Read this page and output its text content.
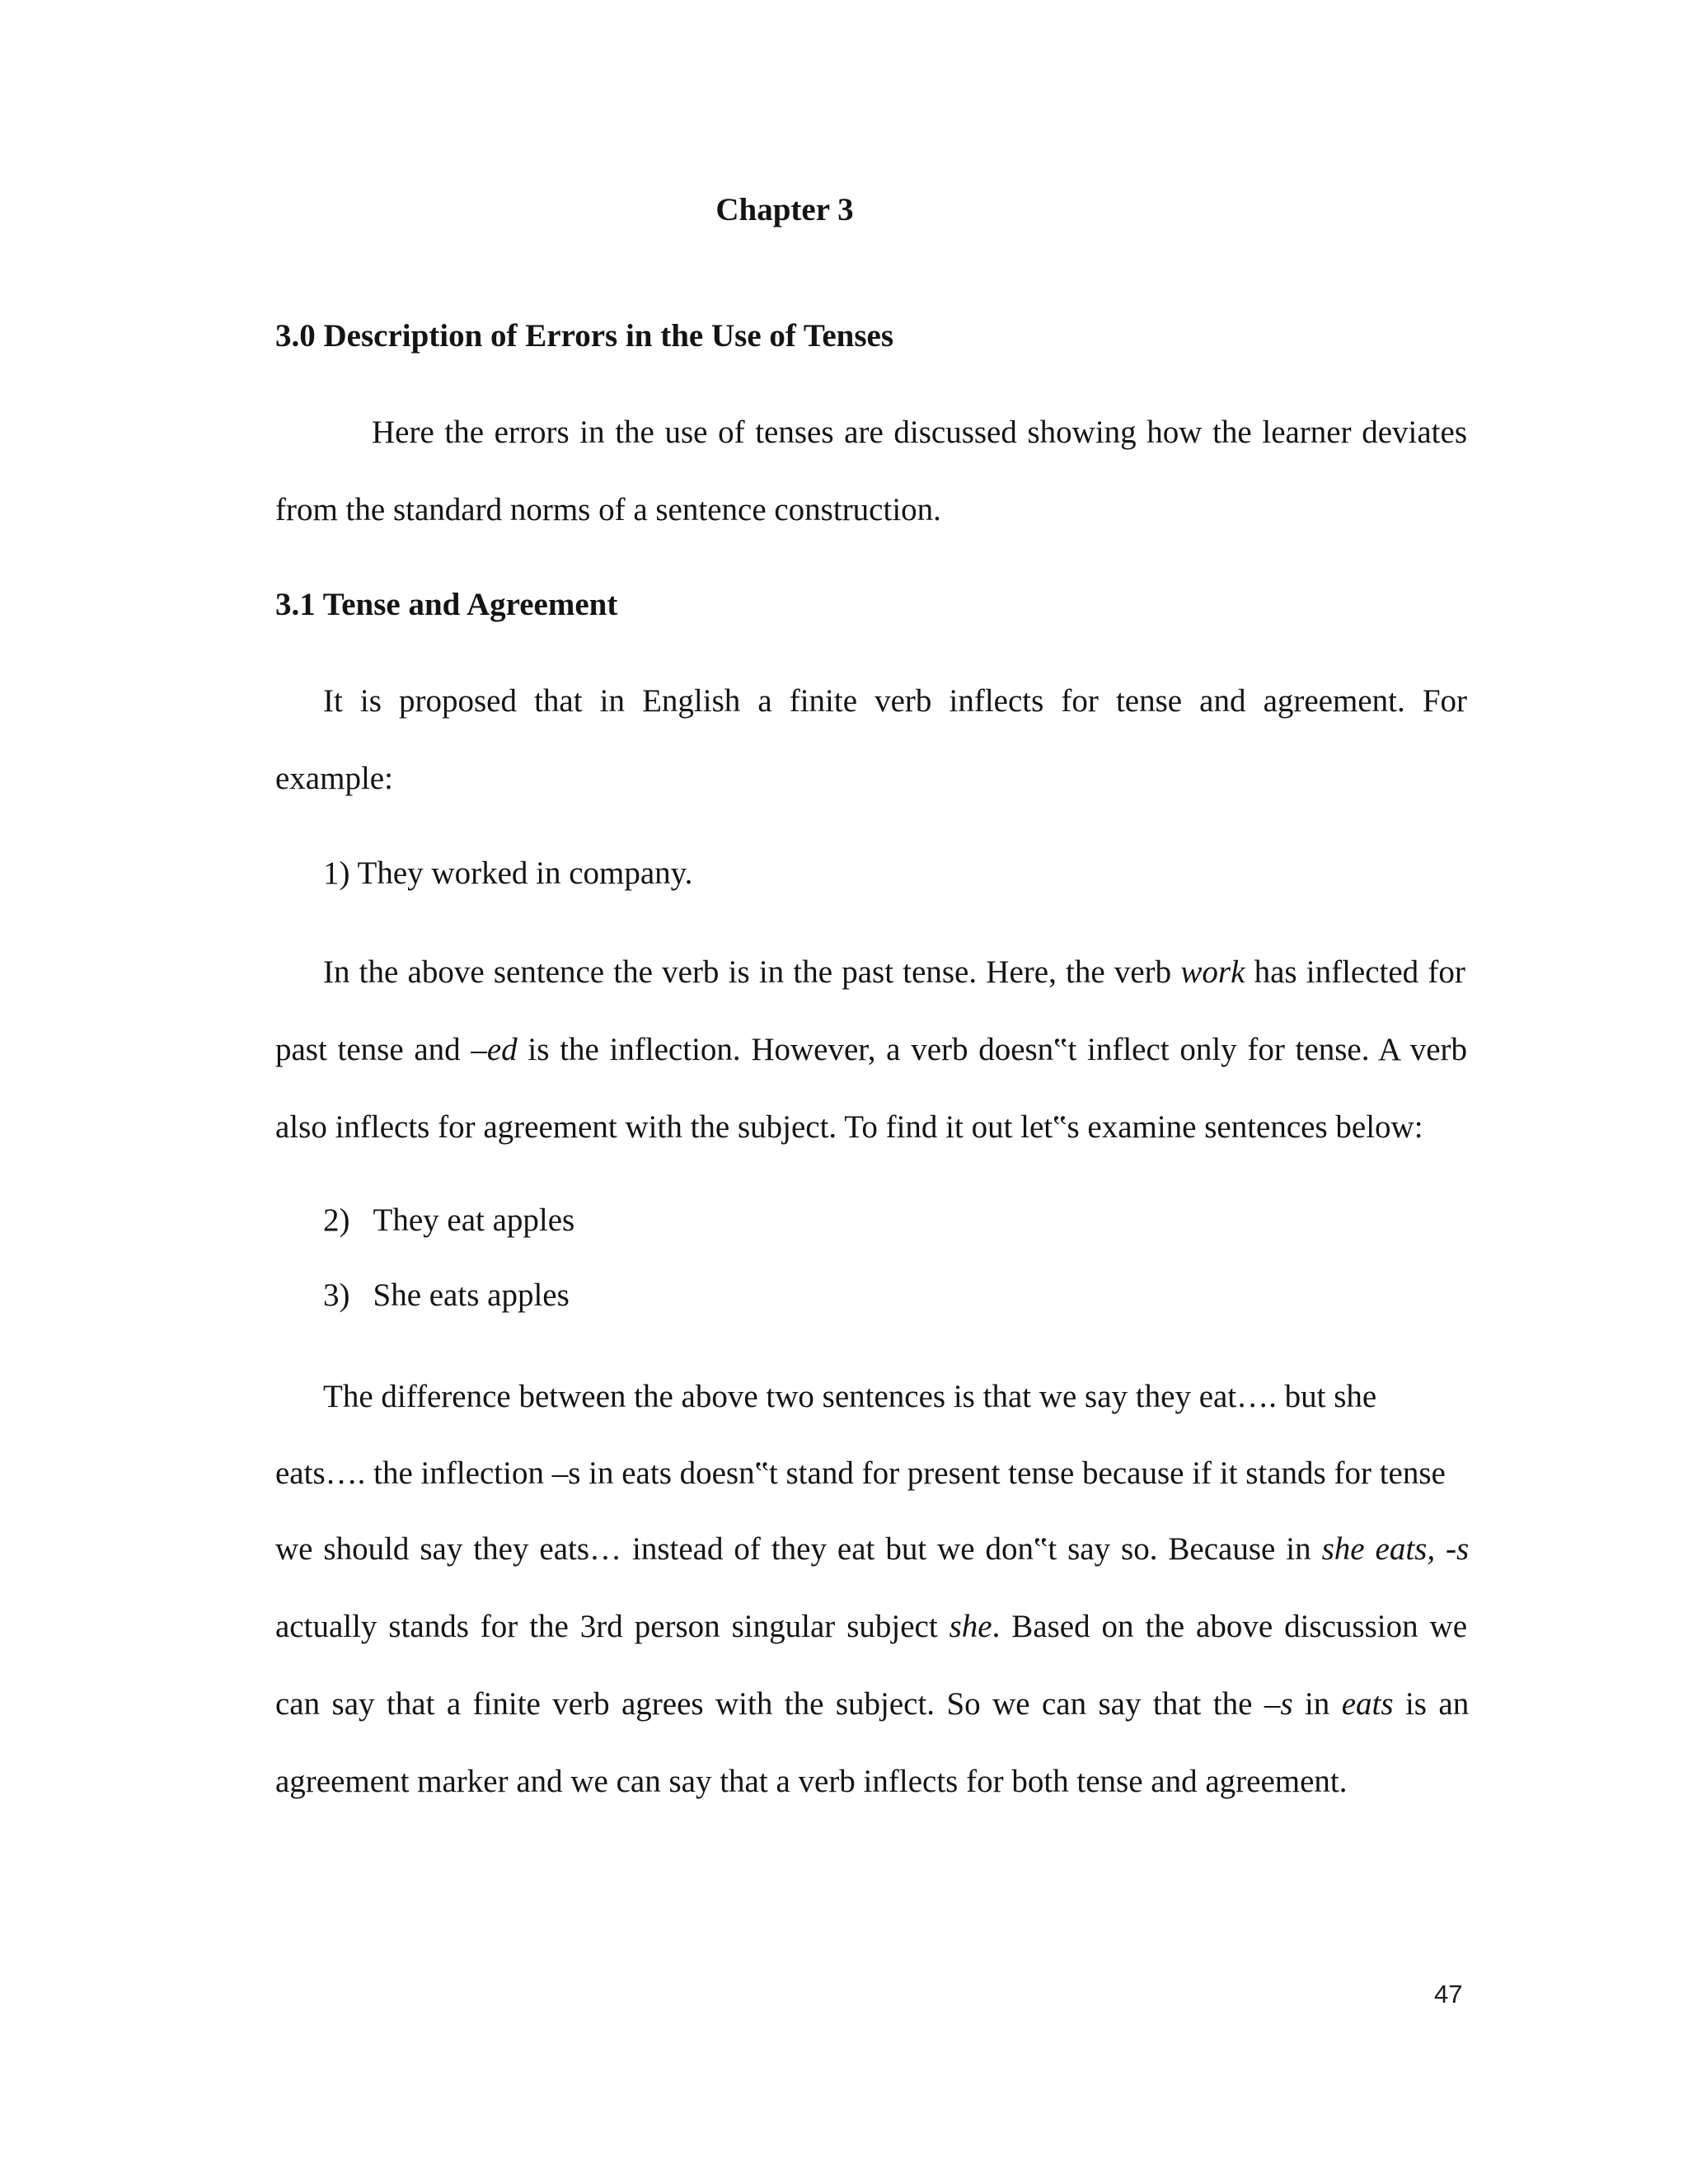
Chapter 3
3.0 Description of Errors in the Use of Tenses
Here the errors in the use of tenses are discussed showing how the learner deviates
from the standard norms of a sentence construction.
3.1 Tense and Agreement
It is proposed that in English a finite verb inflects for tense and agreement. For
example:
1) They worked in company.
In the above sentence the verb is in the past tense. Here, the verb work has inflected for
past tense and –ed is the inflection. However, a verb doesn‟t inflect only for tense. A verb
also inflects for agreement with the subject. To find it out let‟s examine sentences below:
2) They eat apples
3) She eats apples
The difference between the above two sentences is that we say they eat…. but she
eats…. the inflection –s in eats doesn‟t stand for present tense because if it stands for tense
we should say they eats… instead of they eat but we don‟t say so. Because in she eats, -s
actually stands for the 3rd person singular subject she. Based on the above discussion we
can say that a finite verb agrees with the subject. So we can say that the –s in eats is an
agreement marker and we can say that a verb inflects for both tense and agreement.
47
